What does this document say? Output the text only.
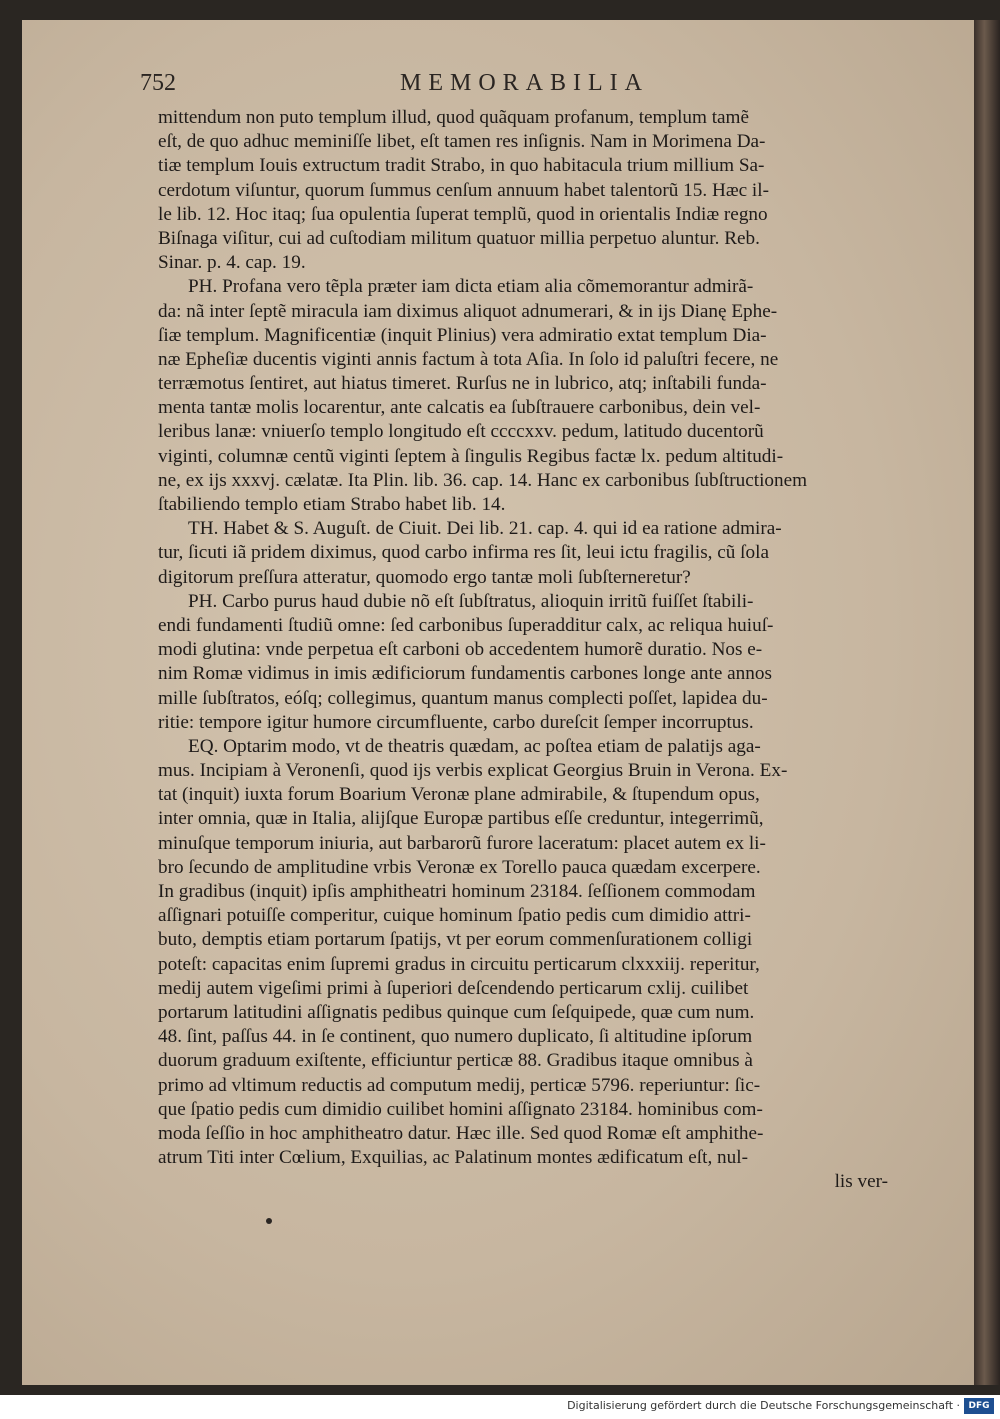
752	MEMORABILIA
mittendum non puto templum illud, quod quãquam profanum, templum tamẽ
eſt, de quo adhuc meminiſſe libet, eſt tamen res inſignis. Nam in Morimena Da-
tiæ templum Iouis extructum tradit Strabo, in quo habitacula trium millium Sa-
cerdotum viſuntur, quorum ſummus cenſum annuum habet talentorũ 15. Hæc il-
le lib. 12. Hoc itaq; ſua opulentia ſuperat templũ, quod in orientalis Indiæ regno
Biſnaga viſitur, cui ad cuſtodiam militum quatuor millia perpetuo aluntur. Reb.
Sinar. p. 4. cap. 19.
PH. Profana vero tẽpla præter iam dicta etiam alia cõmemorantur admirã-
da: nã inter ſeptẽ miracula iam diximus aliquot adnumerari, & in ijs Dianę Ephe-
ſiæ templum. Magnificentiæ (inquit Plinius) vera admiratio extat templum Dia-
næ Epheſiæ ducentis viginti annis factum à tota Aſia. In ſolo id paluſtri fecere, ne
terræmotus ſentiret, aut hiatus timeret. Rurſus ne in lubrico, atq; inſtabili funda-
menta tantæ molis locarentur, ante calcatis ea ſubſtrauere carbonibus, dein vel-
leribus lanæ: vniuerſo templo longitudo eſt ccccxxv. pedum, latitudo ducentorũ
viginti, columnæ centũ viginti ſeptem à ſingulis Regibus factæ lx. pedum altitudi-
ne, ex ijs xxxvj. cælatæ. Ita Plin. lib. 36. cap. 14. Hanc ex carbonibus ſubſtructionem
ſtabiliendo templo etiam Strabo habet lib. 14.
TH. Habet & S. Auguſt. de Ciuit. Dei lib. 21. cap. 4. qui id ea ratione admira-
tur, ſicuti iã pridem diximus, quod carbo infirma res ſit, leui ictu fragilis, cũ ſola
digitorum preſſura atteratur, quomodo ergo tantæ moli ſubſterneretur?
PH. Carbo purus haud dubie nõ eſt ſubſtratus, alioquin irritũ fuiſſet ſtabili-
endi fundamenti ſtudiũ omne: ſed carbonibus ſuperadditur calx, ac reliqua huiuſ-
modi glutina: vnde perpetua eſt carboni ob accedentem humorẽ duratio. Nos e-
nim Romæ vidimus in imis ædificiorum fundamentis carbones longe ante annos
mille ſubſtratos, eóſq; collegimus, quantum manus complecti poſſet, lapidea du-
ritie: tempore igitur humore circumfluente, carbo dureſcit ſemper incorruptus.
EQ. Optarim modo, vt de theatris quædam, ac poſtea etiam de palatijs aga-
mus. Incipiam à Veronenſi, quod ijs verbis explicat Georgius Bruin in Verona. Ex-
tat (inquit) iuxta forum Boarium Veronæ plane admirabile, & ſtupendum opus,
inter omnia, quæ in Italia, alijſque Europæ partibus eſſe creduntur, integerrimũ,
minuſque temporum iniuria, aut barbarorũ furore laceratum: placet autem ex li-
bro ſecundo de amplitudine vrbis Veronæ ex Torello pauca quædam excerpere.
In gradibus (inquit) ipſis amphitheatri hominum 23184. ſeſſionem commodam
aſſignari potuiſſe comperitur, cuique hominum ſpatio pedis cum dimidio attri-
buto, demptis etiam portarum ſpatijs, vt per eorum commenſurationem colligi
poteſt: capacitas enim ſupremi gradus in circuitu perticarum clxxxiij. reperitur,
medij autem vigeſimi primi à ſuperiori deſcendendo perticarum cxlij. cuilibet
portarum latitudini aſſignatis pedibus quinque cum ſeſquipede, quæ cum num.
48. ſint, paſſus 44. in ſe continent, quo numero duplicato, ſi altitudine ipſorum
duorum graduum exiſtente, efficiuntur perticæ 88. Gradibus itaque omnibus à
primo ad vltimum reductis ad computum medij, perticæ 5796. reperiuntur: ſic-
que ſpatio pedis cum dimidio cuilibet homini aſſignato 23184. hominibus com-
moda ſeſſio in hoc amphitheatro datur. Hæc ille. Sed quod Romæ eſt amphithe-
atrum Titi inter Cœlium, Exquilias, ac Palatinum montes ædificatum eſt, nul-
lis ver-
Digitalisierung gefördert durch die Deutsche Forschungsgemeinschaft · DFG
